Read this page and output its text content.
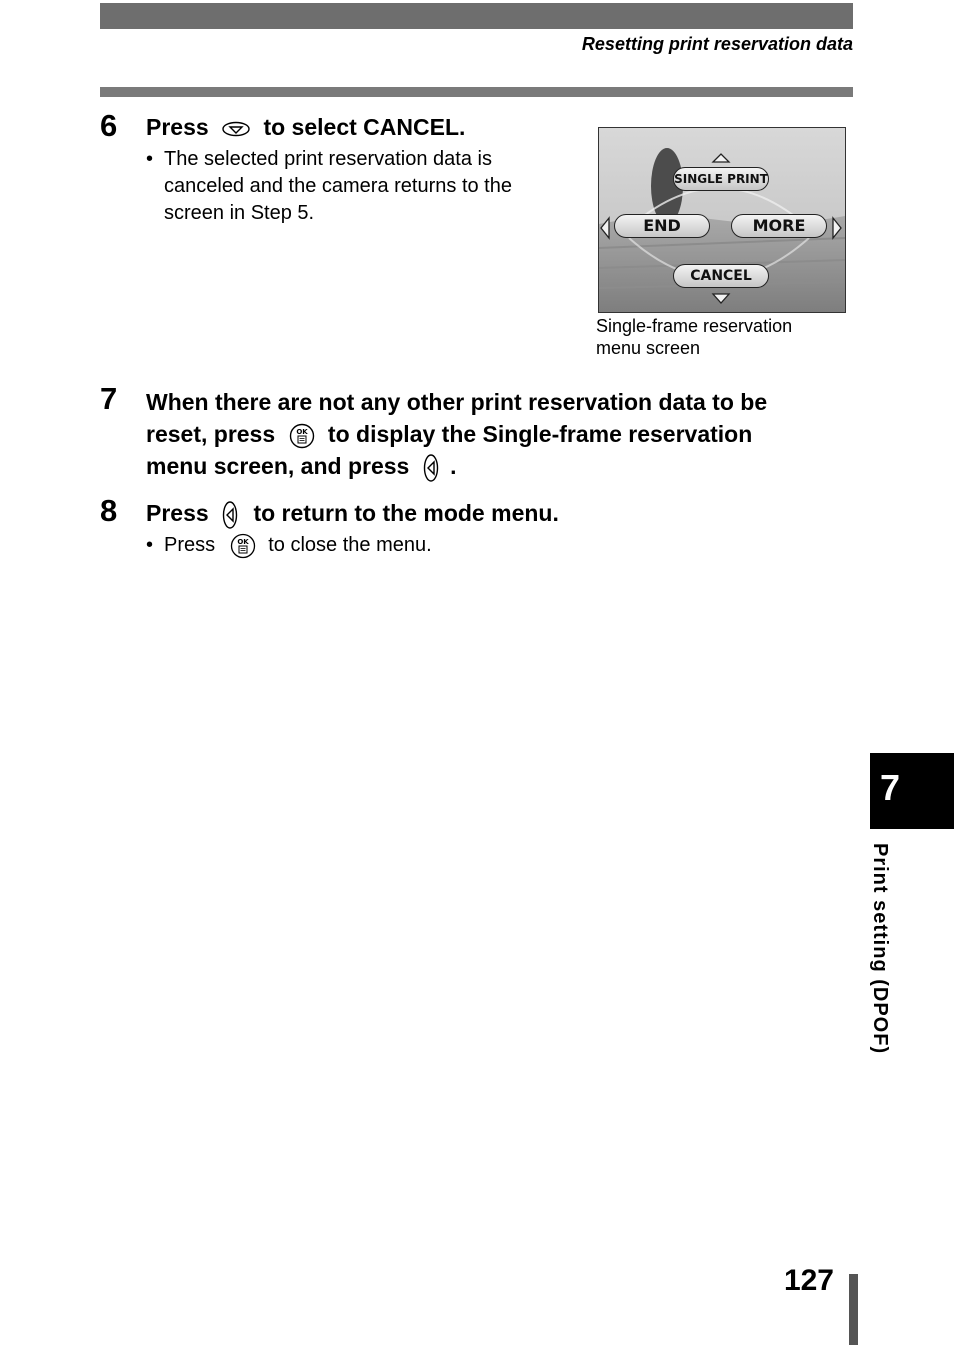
Resetting print reservation data
6 Press to select CANCEL.
• The selected print reservation data is
canceled and the camera returns to the
screen in Step 5.
SINGLE PRINT
END	MORE
CANCEL
Single-frame reservation
menu screen
7 When there are not any other print reservation data to be
reset, press	OK to display the Single-frame reservation
menu screen, and press .
8 Press to return to the mode menu.
• Press	OK to close the menu.
7
Print setting (DPOF)
127
